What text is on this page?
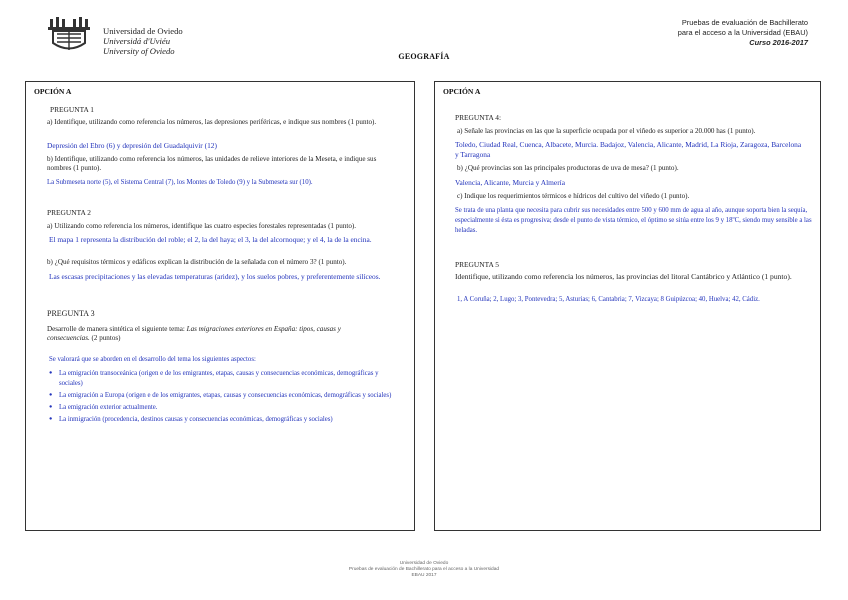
Universidad de Oviedo
Universidá d'Uviéu
University of Oviedo
Pruebas de evaluación de Bachillerato
para el acceso a la Universidad (EBAU)
Curso 2016-2017
GEOGRAFÍA
OPCIÓN A
PREGUNTA 1
a) Identifique, utilizando como referencia los números, las depresiones periféricas, e indique sus nombres (1 punto).
Depresión del Ebro (6) y depresión del Guadalquivir (12)
b) Identifique, utilizando como referencia los números, las unidades de relieve interiores de la Meseta, e indique sus nombres (1 punto).
La Submeseta norte (5), el Sistema Central (7), los Montes de Toledo (9) y la Submeseta sur (10).
PREGUNTA 2
a) Utilizando como referencia los números, identifique las cuatro especies forestales representadas (1 punto).
El mapa 1 representa la distribución del roble; el 2, la del haya; el 3, la del alcornoque; y el 4, la de la encina.
b) ¿Qué requisitos térmicos y edáficos explican la distribución de la señalada con el número 3? (1 punto).
Las escasas precipitaciones y las elevadas temperaturas (aridez), y los suelos pobres, y preferentemente silíceos.
PREGUNTA 3
Desarrolle de manera sintética el siguiente tema: Las migraciones exteriores en España: tipos, causas y consecuencias. (2 puntos)
Se valorará que se aborden en el desarrollo del tema los siguientes aspectos:
● La emigración transoceánica (origen e de los emigrantes, etapas, causas y consecuencias económicas, demográficas y sociales)
● La emigración a Europa (origen e de los emigrantes, etapas, causas y consecuencias económicas, demográficas y sociales)
● La emigración exterior actualmente.
● La inmigración (procedencia, destinos causas y consecuencias económicas, demográficas y sociales)
OPCIÓN A
PREGUNTA 4:
a) Señale las provincias en las que la superficie ocupada por el viñedo es superior a 20.000 has (1 punto).
Toledo, Ciudad Real, Cuenca, Albacete, Murcia. Badajoz, Valencia, Alicante, Madrid, La Rioja, Zaragoza, Barcelona y Tarragona
b) ¿Qué provincias son las principales productoras de uva de mesa? (1 punto).
Valencia, Alicante, Murcia y Almería
c) Indique los requerimientos térmicos e hídricos del cultivo del viñedo (1 punto).
Se trata de una planta que necesita para cubrir sus necesidades entre 500 y 600 mm de agua al año, aunque soporta bien la sequía, especialmente si ésta es progresiva; desde el punto de vista térmico, el óptimo se sitúa entre los 9 y 18ºC, siendo muy sensible a las heladas.
PREGUNTA 5
Identifique, utilizando como referencia los números, las provincias del litoral Cantábrico y Atlántico (1 punto).
1, A Coruña; 2, Lugo; 3, Pontevedra; 5, Asturias; 6, Cantabria; 7, Vizcaya; 8 Guipúzcoa; 40, Huelva; 42, Cádiz.
Universidad de Oviedo
Pruebas de evaluación de Bachillerato para el acceso a la Universidad
EBAU 2017
